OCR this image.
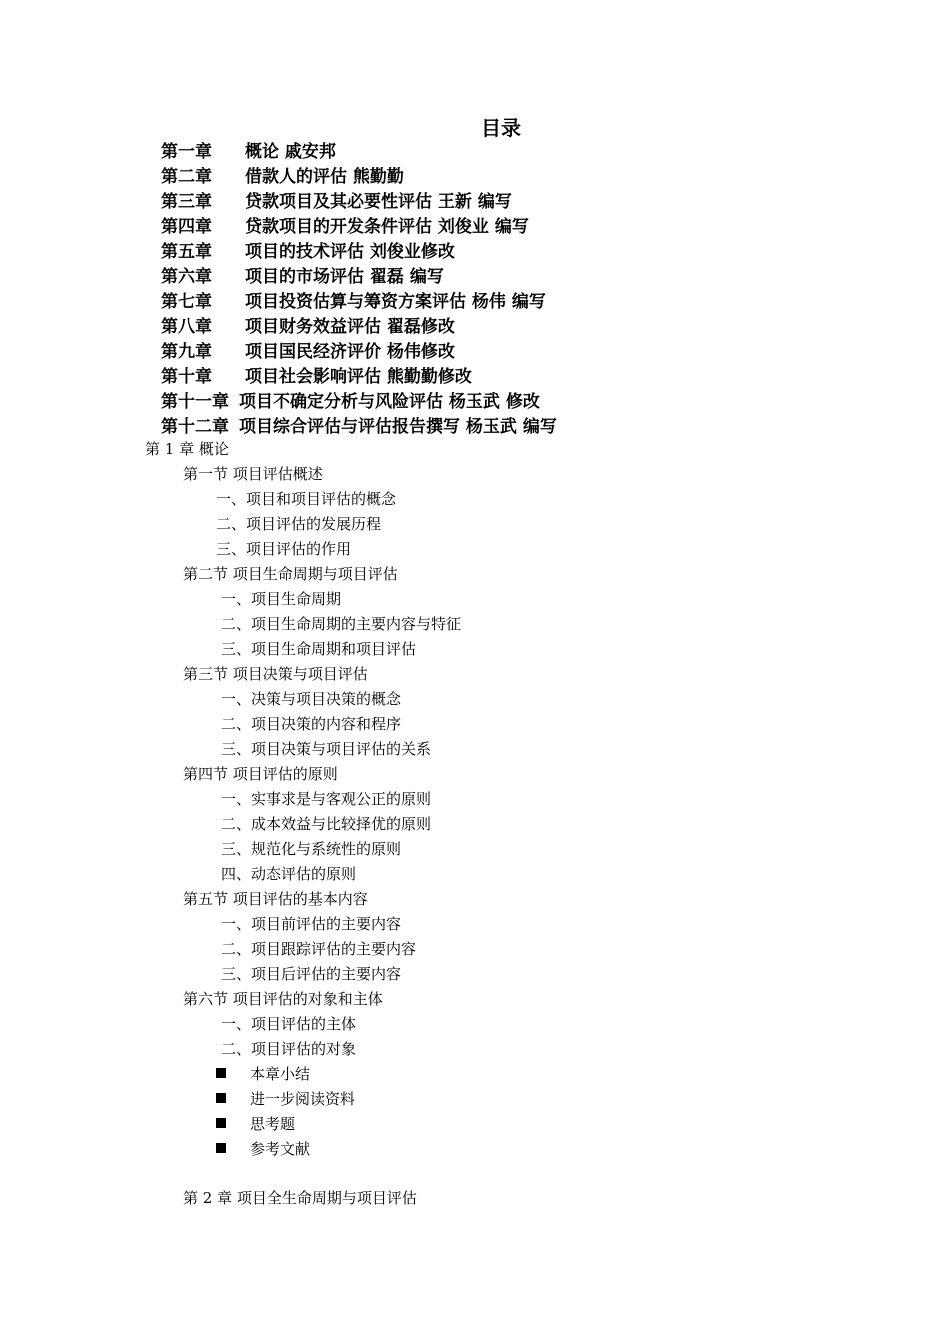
目录
第一章 概论 戚安邦
第二章 借款人的评估 熊勤勤
第三章 贷款项目及其必要性评估 王新 编写
第四章 贷款项目的开发条件评估 刘俊业 编写
第五章 项目的技术评估 刘俊业修改
第六章 项目的市场评估 翟磊 编写
第七章 项目投资估算与筹资方案评估 杨伟 编写
第八章 项目财务效益评估 翟磊修改
第九章 项目国民经济评价 杨伟修改
第十章 项目社会影响评估 熊勤勤修改
第十一章 项目不确定分析与风险评估 杨玉武 修改
第十二章 项目综合评估与评估报告撰写 杨玉武 编写
第 1 章 概论
第一节 项目评估概述
一、项目和项目评估的概念
二、项目评估的发展历程
三、项目评估的作用
第二节 项目生命周期与项目评估
一、项目生命周期
二、项目生命周期的主要内容与特征
三、项目生命周期和项目评估
第三节 项目决策与项目评估
一、决策与项目决策的概念
二、项目决策的内容和程序
三、项目决策与项目评估的关系
第四节 项目评估的原则
一、实事求是与客观公正的原则
二、成本效益与比较择优的原则
三、规范化与系统性的原则
四、动态评估的原则
第五节 项目评估的基本内容
一、项目前评估的主要内容
二、项目跟踪评估的主要内容
三、项目后评估的主要内容
第六节 项目评估的对象和主体
一、项目评估的主体
二、项目评估的对象
本章小结
进一步阅读资料
思考题
参考文献
第 2 章 项目全生命周期与项目评估
